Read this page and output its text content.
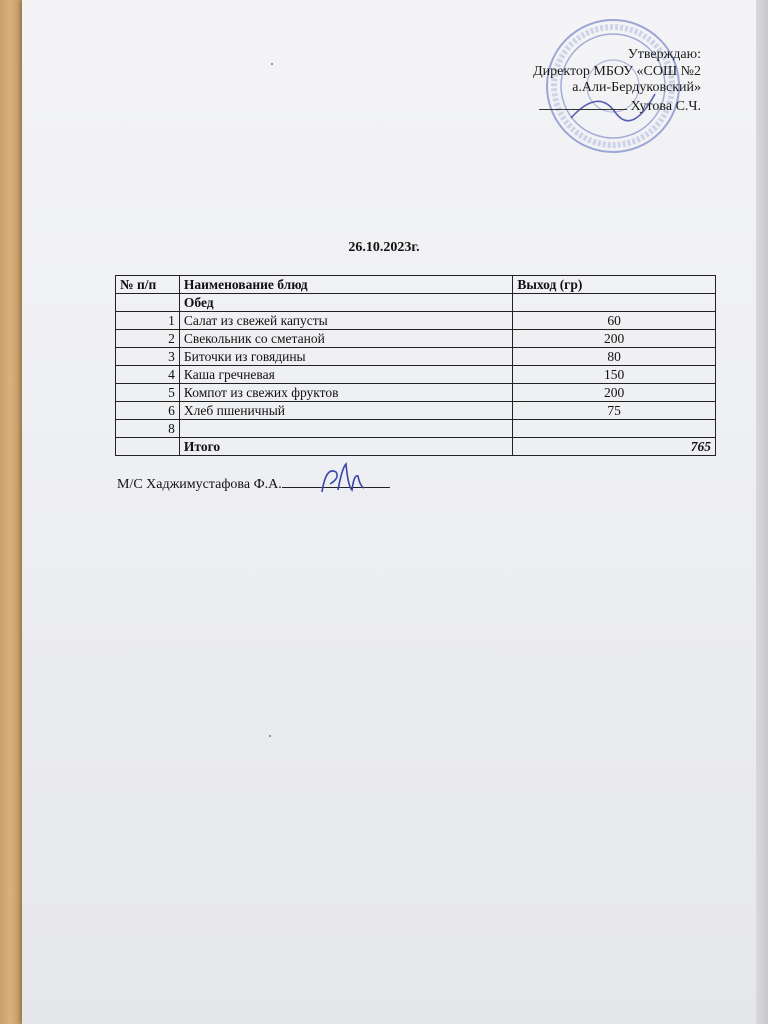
Утверждаю:
Директор МБОУ «СОШ №2
а.Али-Бердуковский»
Хутова С.Ч.
26.10.2023г.
№ п/п	Наименование блюд	Выход (гр)
	Обед	
1	Салат из свежей капусты	60
2	Свекольник со сметаной	200
3	Биточки из говядины	80
4	Каша гречневая	150
5	Компот из свежих фруктов	200
6	Хлеб пшеничный	75
8		
	Итого	765
М/С Хаджимустафова Ф.А.
